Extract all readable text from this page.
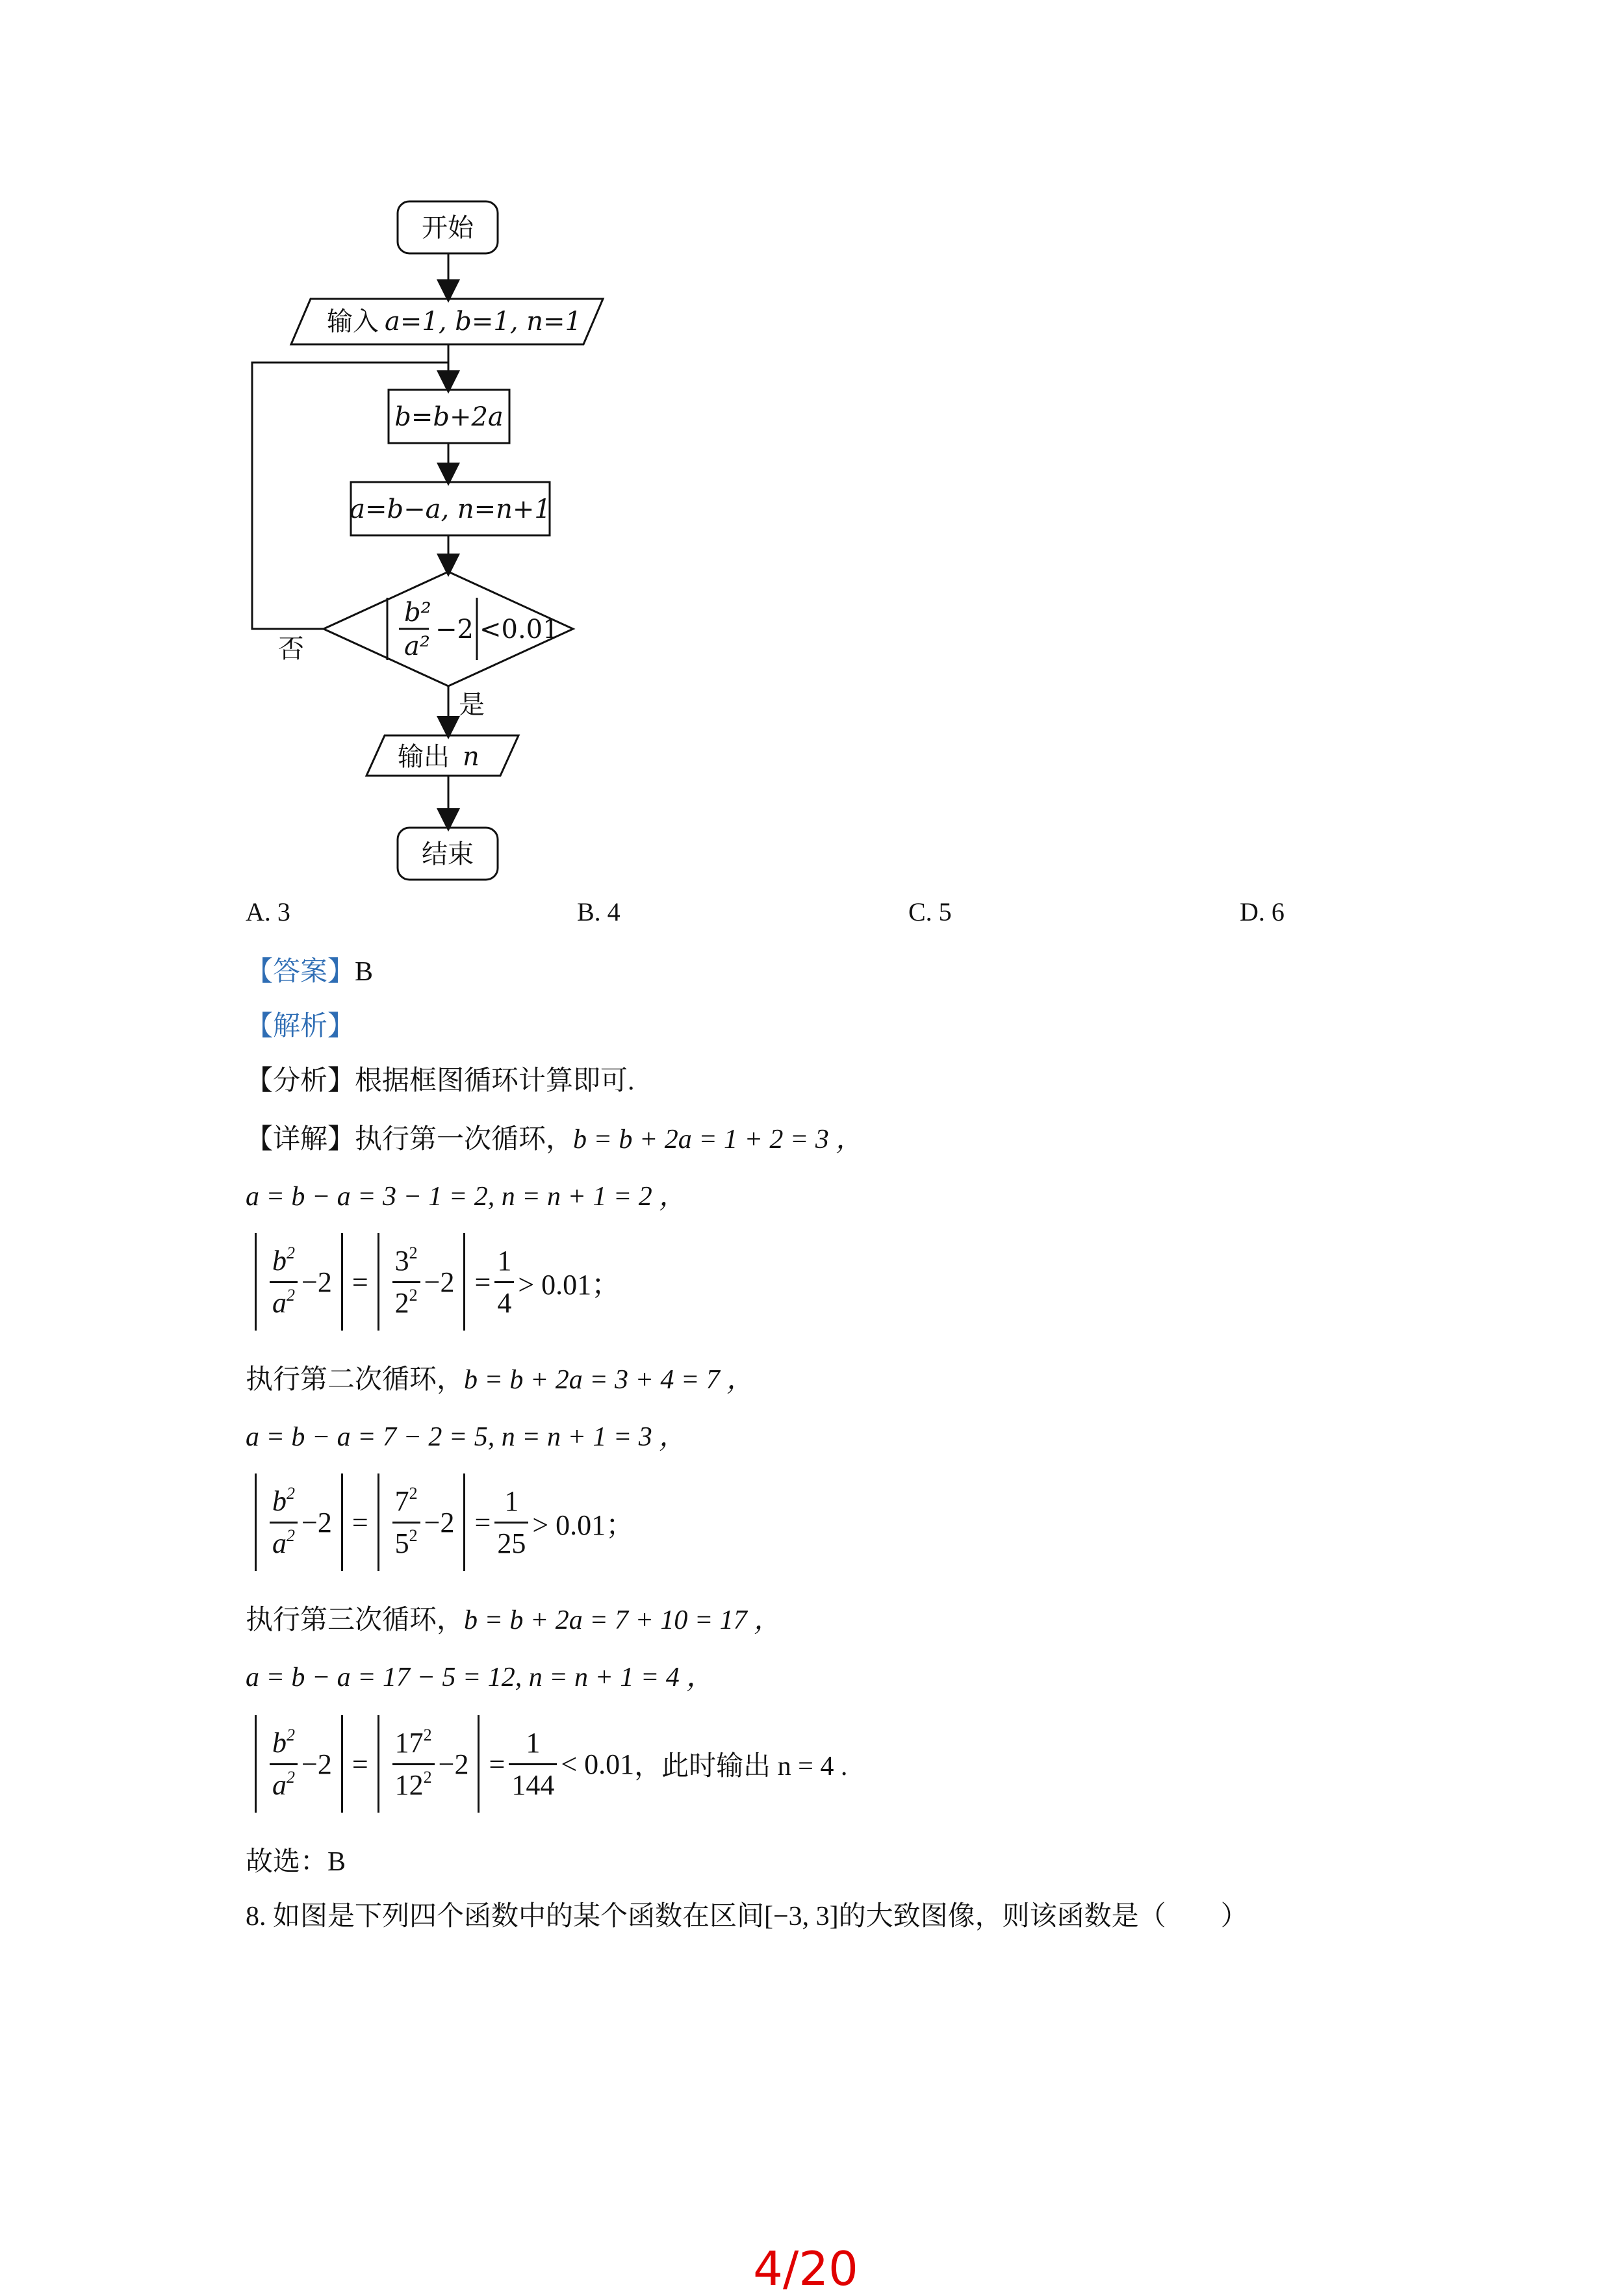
开始
输入 a=1, b=1, n=1
b=b+2a
a=b−a, n=n+1
b²
a²
−2 <0.01
否
是
输出 n
结束
A. 3	B. 4	C. 5	D. 6
【答案】B
【解析】
【分析】根据框图循环计算即可.
【详解】执行第一次循环，b = b + 2a = 1 + 2 = 3 ，
a = b − a = 3 − 1 = 2, n = n + 1 = 2 ，
$\frac{b^2}{a^2} -2 = \frac{3^2}{2^2} -2 = \frac{1}{4} > 0.01$；
执行第二次循环，b = b + 2a = 3 + 4 = 7 ，
a = b − a = 7 − 2 = 5, n = n + 1 = 3 ，
$\frac{b^2}{a^2} -2 = \frac{7^2}{5^2} -2 = \frac{1}{25} > 0.01$；
执行第三次循环，b = b + 2a = 7 + 10 = 17 ，
a = b − a = 17 − 5 = 12, n = n + 1 = 4 ，
$\frac{b^2}{a^2} -2 = \frac{17^2}{12^2} -2 = \frac{1}{144} < 0.01$ ，此时输出 n = 4 .
故选：B
8. 如图是下列四个函数中的某个函数在区间[−3, 3]的大致图像，则该函数是（　　）
4/20
